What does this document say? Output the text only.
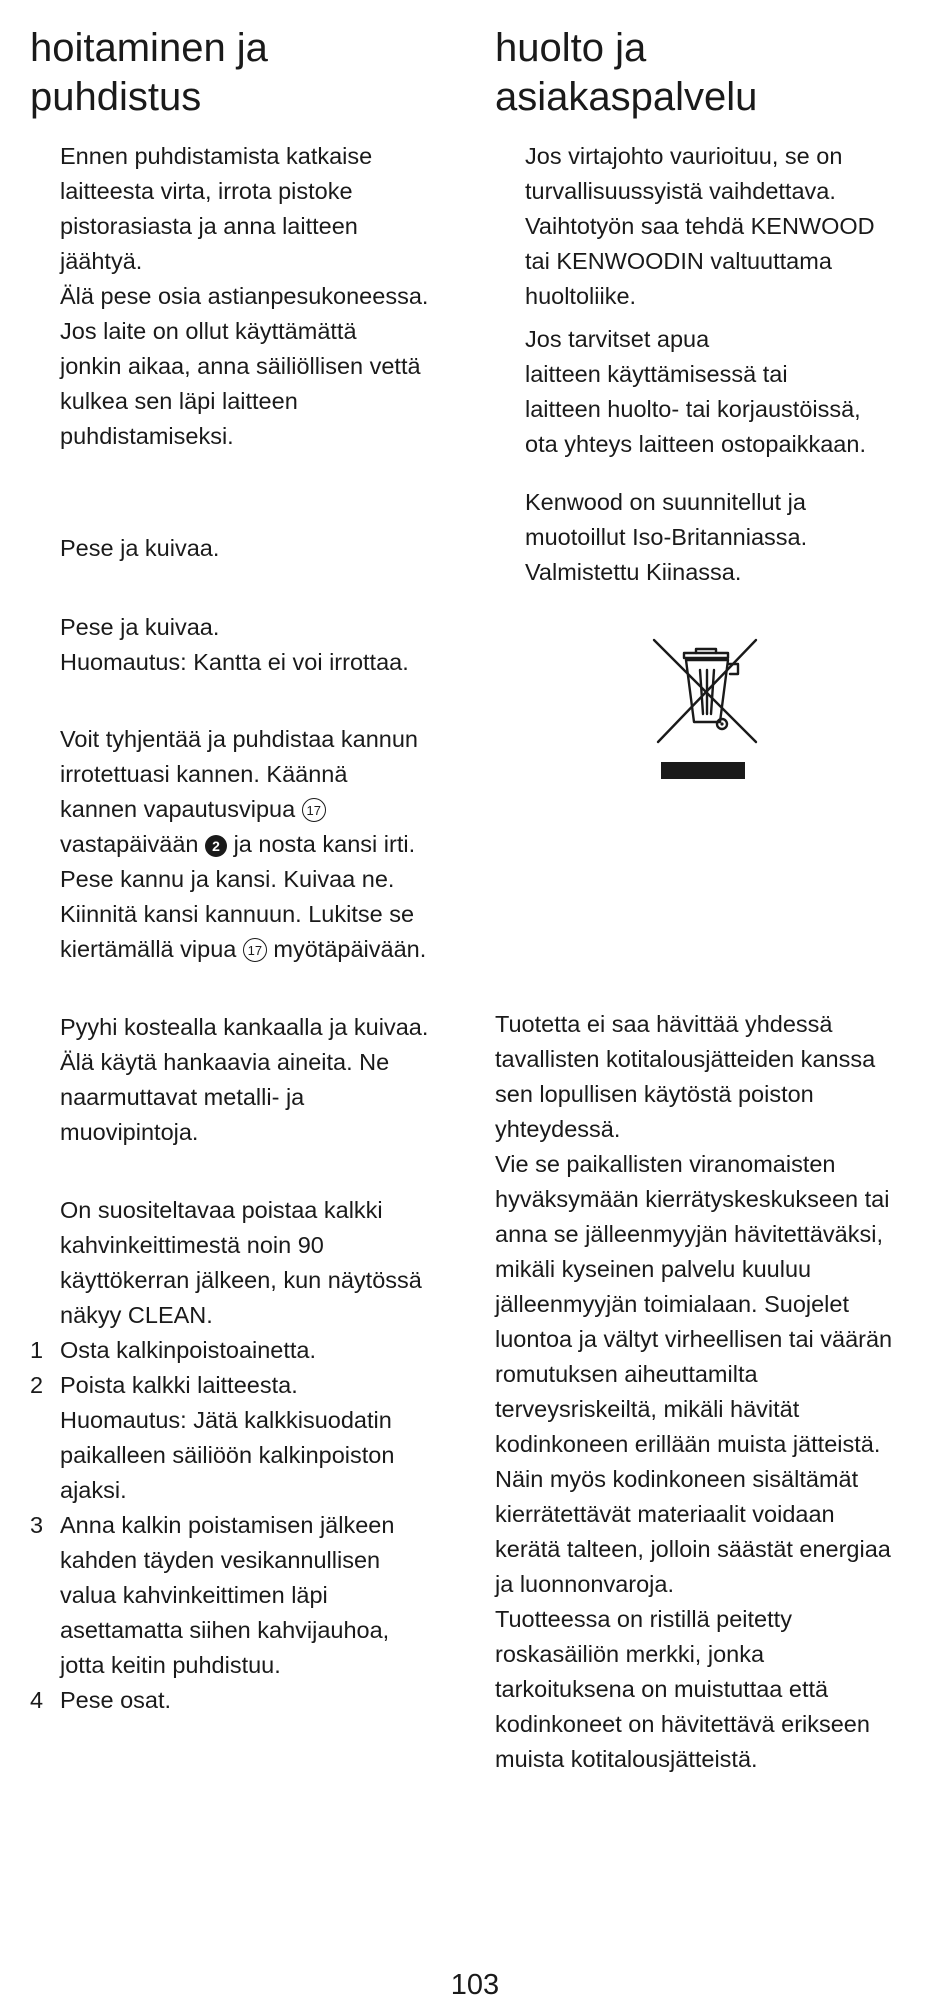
hoitaminen ja
puhdistus

Ennen puhdistamista katkaise

laitteesta virta, irrota pistoke

pistorasiasta ja anna laitteen

jäähtyä.

Älä pese osia astianpesukoneessa.

Jos laite on ollut käyttämättä

jonkin aikaa, anna säiliöllisen vettä

kulkea sen läpi laitteen

puhdistamiseksi.

Pese ja kuivaa.

Pese ja kuivaa.

Huomautus: Kantta ei voi irrottaa.

Voit tyhjentää ja puhdistaa kannun

irrotettuasi kannen. Käännä

kannen vapautusvipua 17

vastapäivään 2 ja nosta kansi irti.

Pese kannu ja kansi. Kuivaa ne.

Kiinnitä kansi kannuun. Lukitse se

kiertämällä vipua 17 myötäpäivään.

Pyyhi kostealla kankaalla ja kuivaa.

Älä käytä hankaavia aineita. Ne

naarmuttavat metalli- ja

muovipintoja.

On suositeltavaa poistaa kalkki

kahvinkeittimestä noin 90

käyttökerran jälkeen, kun näytössä

näkyy CLEAN.

1 Osta kalkinpoistoainetta.

2 Poista kalkki laitteesta.

Huomautus: Jätä kalkkisuodatin

paikalleen säiliöön kalkinpoiston

ajaksi.

3 Anna kalkin poistamisen jälkeen

kahden täyden vesikannullisen

valua kahvinkeittimen läpi

asettamatta siihen kahvijauhoa,

jotta keitin puhdistuu.

4 Pese osat.

huolto ja
asiakaspalvelu

Jos virtajohto vaurioituu, se on

turvallisuussyistä vaihdettava.

Vaihtotyön saa tehdä KENWOOD

tai KENWOODIN valtuuttama

huoltoliike.

Jos tarvitset apua

laitteen käyttämisessä tai

laitteen huolto- tai korjaustöissä,

ota yhteys laitteen ostopaikkaan.

Kenwood on suunnitellut ja

muotoillut Iso-Britanniassa.

Valmistettu Kiinassa.

Tuotetta ei saa hävittää yhdessä

tavallisten kotitalousjätteiden kanssa

sen lopullisen käytöstä poiston

yhteydessä.

Vie se paikallisten viranomaisten

hyväksymään kierrätyskeskukseen tai

anna se jälleenmyyjän hävitettäväksi,

mikäli kyseinen palvelu kuuluu

jälleenmyyjän toimialaan. Suojelet

luontoa ja vältyt virheellisen tai väärän

romutuksen aiheuttamilta

terveysriskeiltä, mikäli hävität

kodinkoneen erillään muista jätteistä.

Näin myös kodinkoneen sisältämät

kierrätettävät materiaalit voidaan

kerätä talteen, jolloin säästät energiaa

ja luonnonvaroja.

Tuotteessa on ristillä peitetty

roskasäiliön merkki, jonka

tarkoituksena on muistuttaa että

kodinkoneet on hävitettävä erikseen

muista kotitalousjätteistä.

103
